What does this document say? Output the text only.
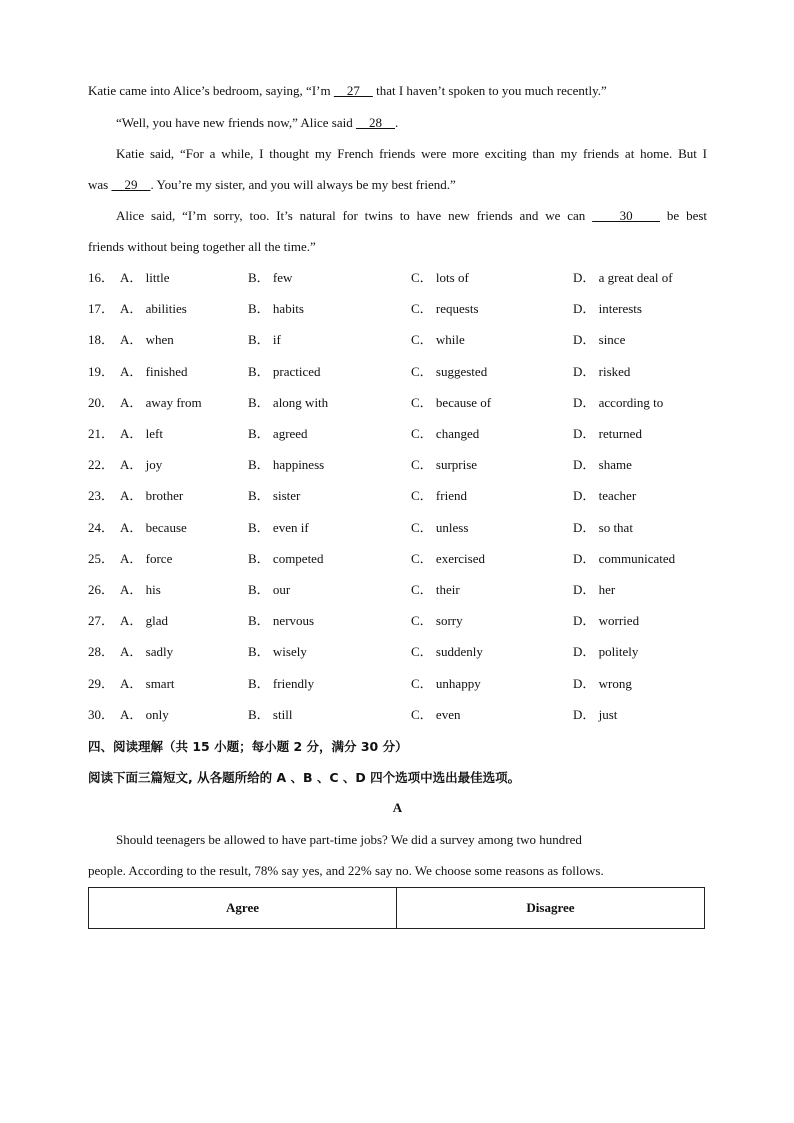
Katie came into Alice’s bedroom, saying, “I’m     27     that I haven’t spoken to you much recently.”
“Well, you have new friends now,” Alice said     28    .
Katie said, “For a while, I thought my French friends were more exciting than my friends at home. But I
was     29    . You’re my sister, and you will always be my best friend.”
Alice said, “I’m sorry, too. It’s natural for twins to have new friends and we can     30     be best
friends without being together all the time.”
16． A． little	B． few	C． lots of	D． a great deal of
17． A． abilities	B． habits	C． requests	D． interests
18． A． when	B． if	C． while	D． since
19． A． finished	B． practiced	C． suggested	D． risked
20． A． away from	B． along with	C． because of	D． according to
21． A． left	B． agreed	C． changed	D． returned
22． A． joy	B． happiness	C． surprise	D． shame
23． A． brother	B． sister	C． friend	D． teacher
24． A． because	B． even if	C． unless	D． so that
25． A． force	B． competed	C． exercised	D． communicated
26． A． his	B． our	C． their	D． her
27． A． glad	B． nervous	C． sorry	D． worried
28． A． sadly	B． wisely	C． suddenly	D． politely
29． A． smart	B． friendly	C． unhappy	D． wrong
30． A． only	B． still	C． even	D． just
四、阅读理解（共 15 小题；每小题 2 分，满分 30 分）
阅读下面三篇短文, 从各题所给的 A 、B 、C 、D 四个选项中选出最佳选项。
A
Should teenagers be allowed to have part-time jobs? We did a survey among two hundred
people. According to the result, 78% say yes, and 22% say no. We choose some reasons as follows.
Agree	Disagree
